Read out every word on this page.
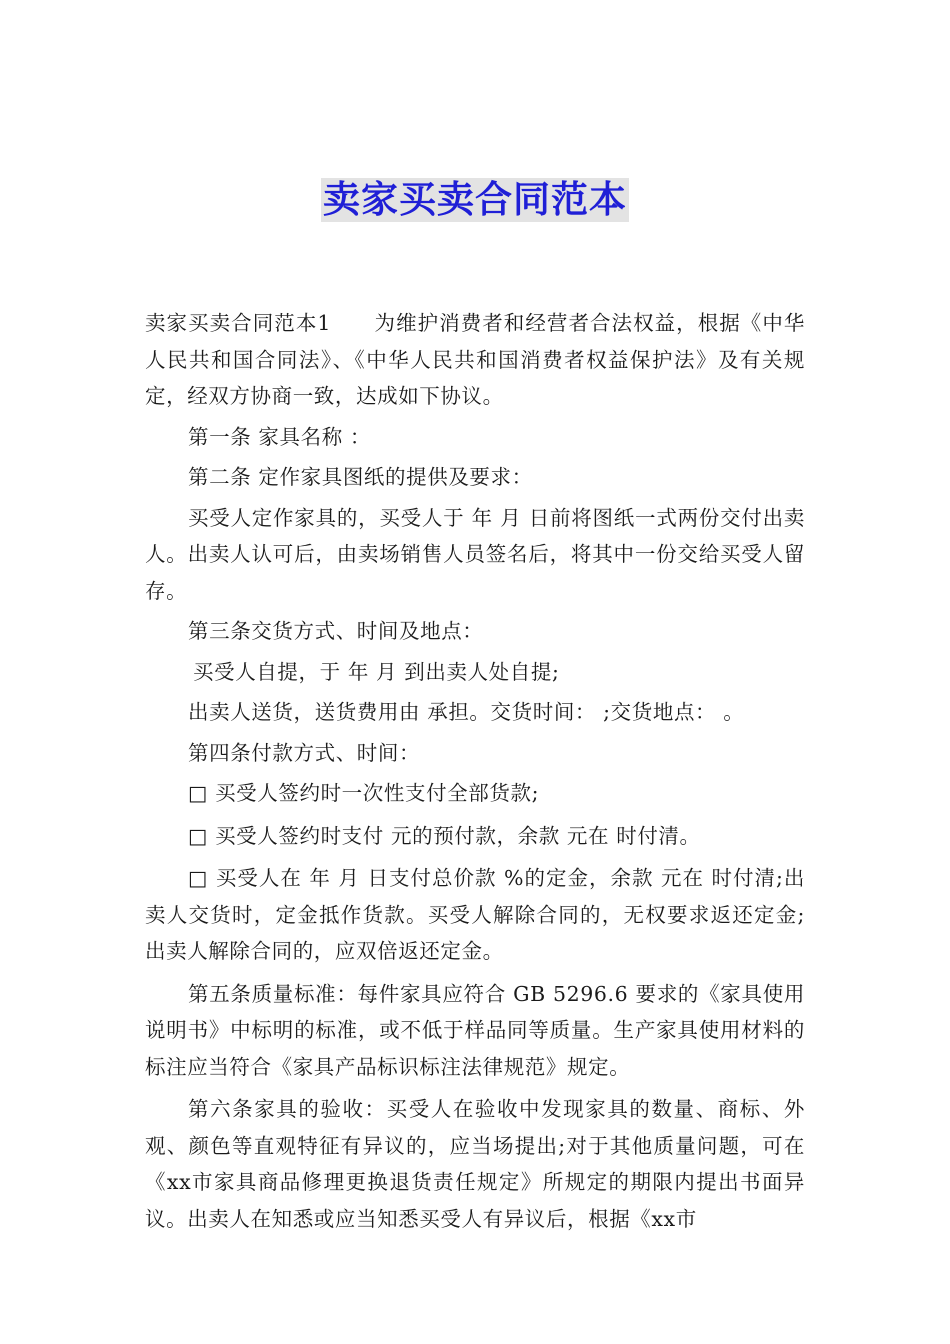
卖家买卖合同范本

卖家买卖合同范本1　　为维护消费者和经营者合法权益，根据《中华人民共和国合同法》、《中华人民共和国消费者权益保护法》及有关规定，经双方协商一致，达成如下协议。

第一条 家具名称 ：

第二条 定作家具图纸的提供及要求：

买受人定作家具的，买受人于 年 月 日前将图纸一式两份交付出卖人。出卖人认可后，由卖场销售人员签名后，将其中一份交给买受人留存。

第三条交货方式、时间及地点：

买受人自提，于 年 月 到出卖人处自提;

出卖人送货，送货费用由 承担。交货时间： ;交货地点： 。

第四条付款方式、时间：

□ 买受人签约时一次性支付全部货款;

□ 买受人签约时支付 元的预付款，余款 元在 时付清。

□ 买受人在 年 月 日支付总价款 %的定金，余款 元在 时付清;出卖人交货时，定金抵作货款。买受人解除合同的，无权要求返还定金;出卖人解除合同的，应双倍返还定金。

第五条质量标准：每件家具应符合 GB 5296.6 要求的《家具使用说明书》中标明的标准，或不低于样品同等质量。生产家具使用材料的标注应当符合《家具产品标识标注法律规范》规定。

第六条家具的验收：买受人在验收中发现家具的数量、商标、外观、颜色等直观特征有异议的，应当场提出;对于其他质量问题，可在《xx市家具商品修理更换退货责任规定》所规定的期限内提出书面异议。出卖人在知悉或应当知悉买受人有异议后，根据《xx市
